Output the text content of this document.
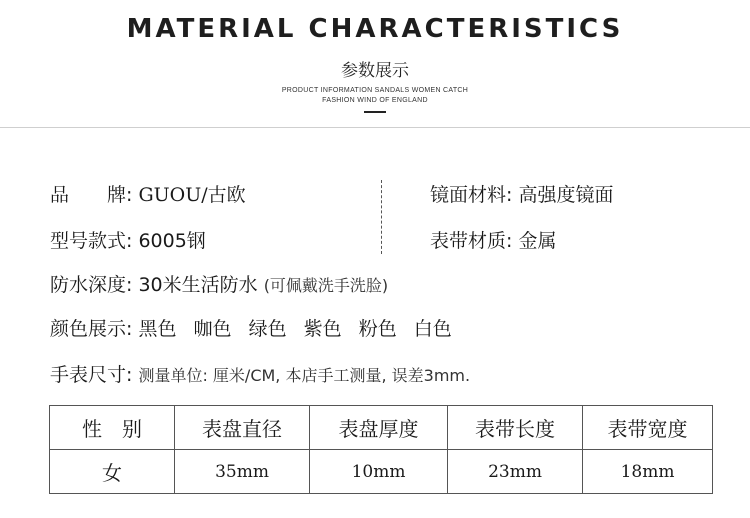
MATERIAL CHARACTERISTICS
参数展示
PRODUCT INFORMATION SANDALS WOMEN CATCH
FASHION WIND OF ENGLAND
品　　牌: GUOU/古欧	镜面材料: 高强度镜面
型号款式: 6005钢	表带材质: 金属
防水深度: 30米生活防水 (可佩戴洗手洗脸)
颜色展示: 黑色 咖色 绿色 紫色 粉色 白色
手表尺寸: 测量单位: 厘米/CM, 本店手工测量, 误差3mm.
性　别	表盘直径	表盘厚度	表带长度	表带宽度
女	35mm	10mm	23mm	18mm
